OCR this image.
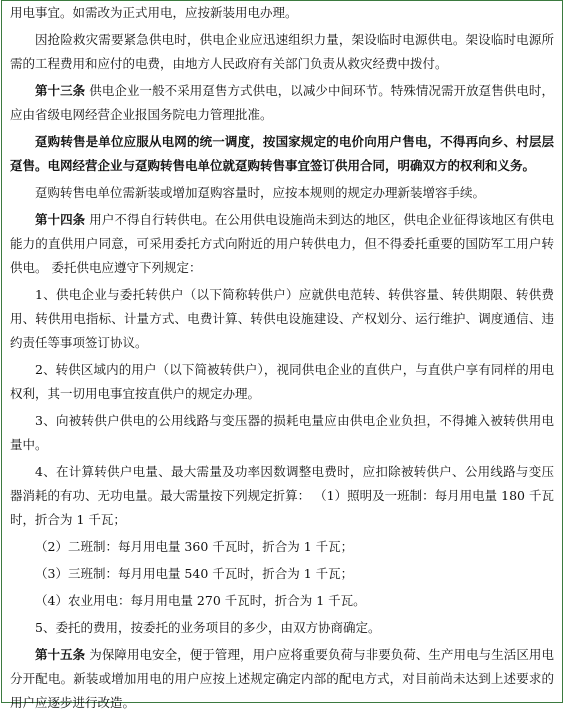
用电事宜。如需改为正式用电，应按新装用电办理。

因抢险救灾需要紧急供电时，供电企业应迅速组织力量，架设临时电源供电。架设临时电源所需的工程费用和应付的电费，由地方人民政府有关部门负责从救灾经费中拨付。

第十三条 供电企业一般不采用趸售方式供电，以减少中间环节。特殊情况需开放趸售供电时，应由省级电网经营企业报国务院电力管理批准。

趸购转售是单位应服从电网的统一调度，按国家规定的电价向用户售电，不得再向乡、村层层趸售。电网经营企业与趸购转售电单位就趸购转售事宜签订供用合同，明确双方的权利和义务。

趸购转售电单位需新装或增加趸购容量时，应按本规则的规定办理新装增容手续。

第十四条 用户不得自行转供电。在公用供电设施尚未到达的地区，供电企业征得该地区有供电能力的直供用户同意，可采用委托方式向附近的用户转供电力，但不得委托重要的国防军工用户转供电。 委托供电应遵守下列规定：

1、供电企业与委托转供户（以下简称转供户）应就供电范转、转供容量、转供期限、转供费用、转供用电指标、计量方式、电费计算、转供电设施建设、产权划分、运行维护、调度通信、违约责任等事项签订协议。

2、转供区域内的用户（以下简被转供户），视同供电企业的直供户，与直供户享有同样的用电权利，其一切用电事宜按直供户的规定办理。

3、向被转供户供电的公用线路与变压器的损耗电量应由供电企业负担，不得摊入被转供用电量中。

4、在计算转供户电量、最大需量及功率因数调整电费时，应扣除被转供户、公用线路与变压器消耗的有功、无功电量。最大需量按下列规定折算： （1）照明及一班制：每月用电量 180 千瓦时，折合为 1 千瓦；

（2）二班制：每月用电量 360 千瓦时，折合为 1 千瓦；

（3）三班制：每月用电量 540 千瓦时，折合为 1 千瓦；

（4）农业用电：每月用电量 270 千瓦时，折合为 1 千瓦。

5、委托的费用，按委托的业务项目的多少，由双方协商确定。

第十五条 为保障用电安全，便于管理，用户应将重要负荷与非要负荷、生产用电与生活区用电分开配电。新装或增加用电的用户应按上述规定确定内部的配电方式，对目前尚未达到上述要求的用户应逐步进行改造。
